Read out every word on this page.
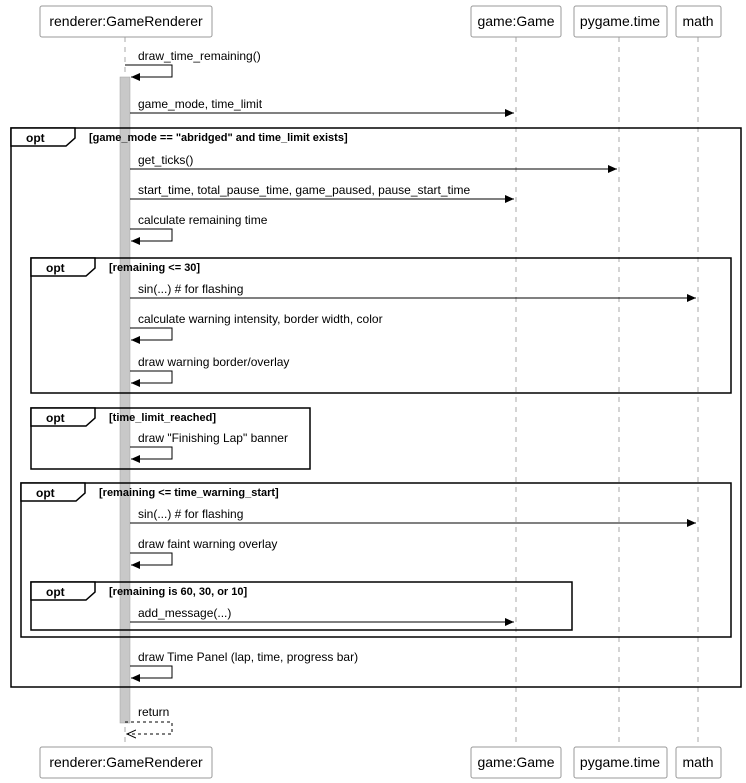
renderer:GameRenderer	game:Game pygame.time math
renderer:GameRenderer	game:Game pygame.time math
opt	[game_mode == "abridged" and time_limit exists]
opt	[remaining <= 30]
opt	[time_limit_reached]
opt	[remaining <= time_warning_start]
opt	[remaining is 60, 30, or 10]
draw_time_remaining()
game_mode, time_limit
get_ticks()
start_time, total_pause_time, game_paused, pause_start_time
calculate remaining time
sin(...) # for flashing
calculate warning intensity, border width, color
draw warning border/overlay
draw "Finishing Lap" banner
sin(...) # for flashing
draw faint warning overlay
add_message(...)
draw Time Panel (lap, time, progress bar)
return
